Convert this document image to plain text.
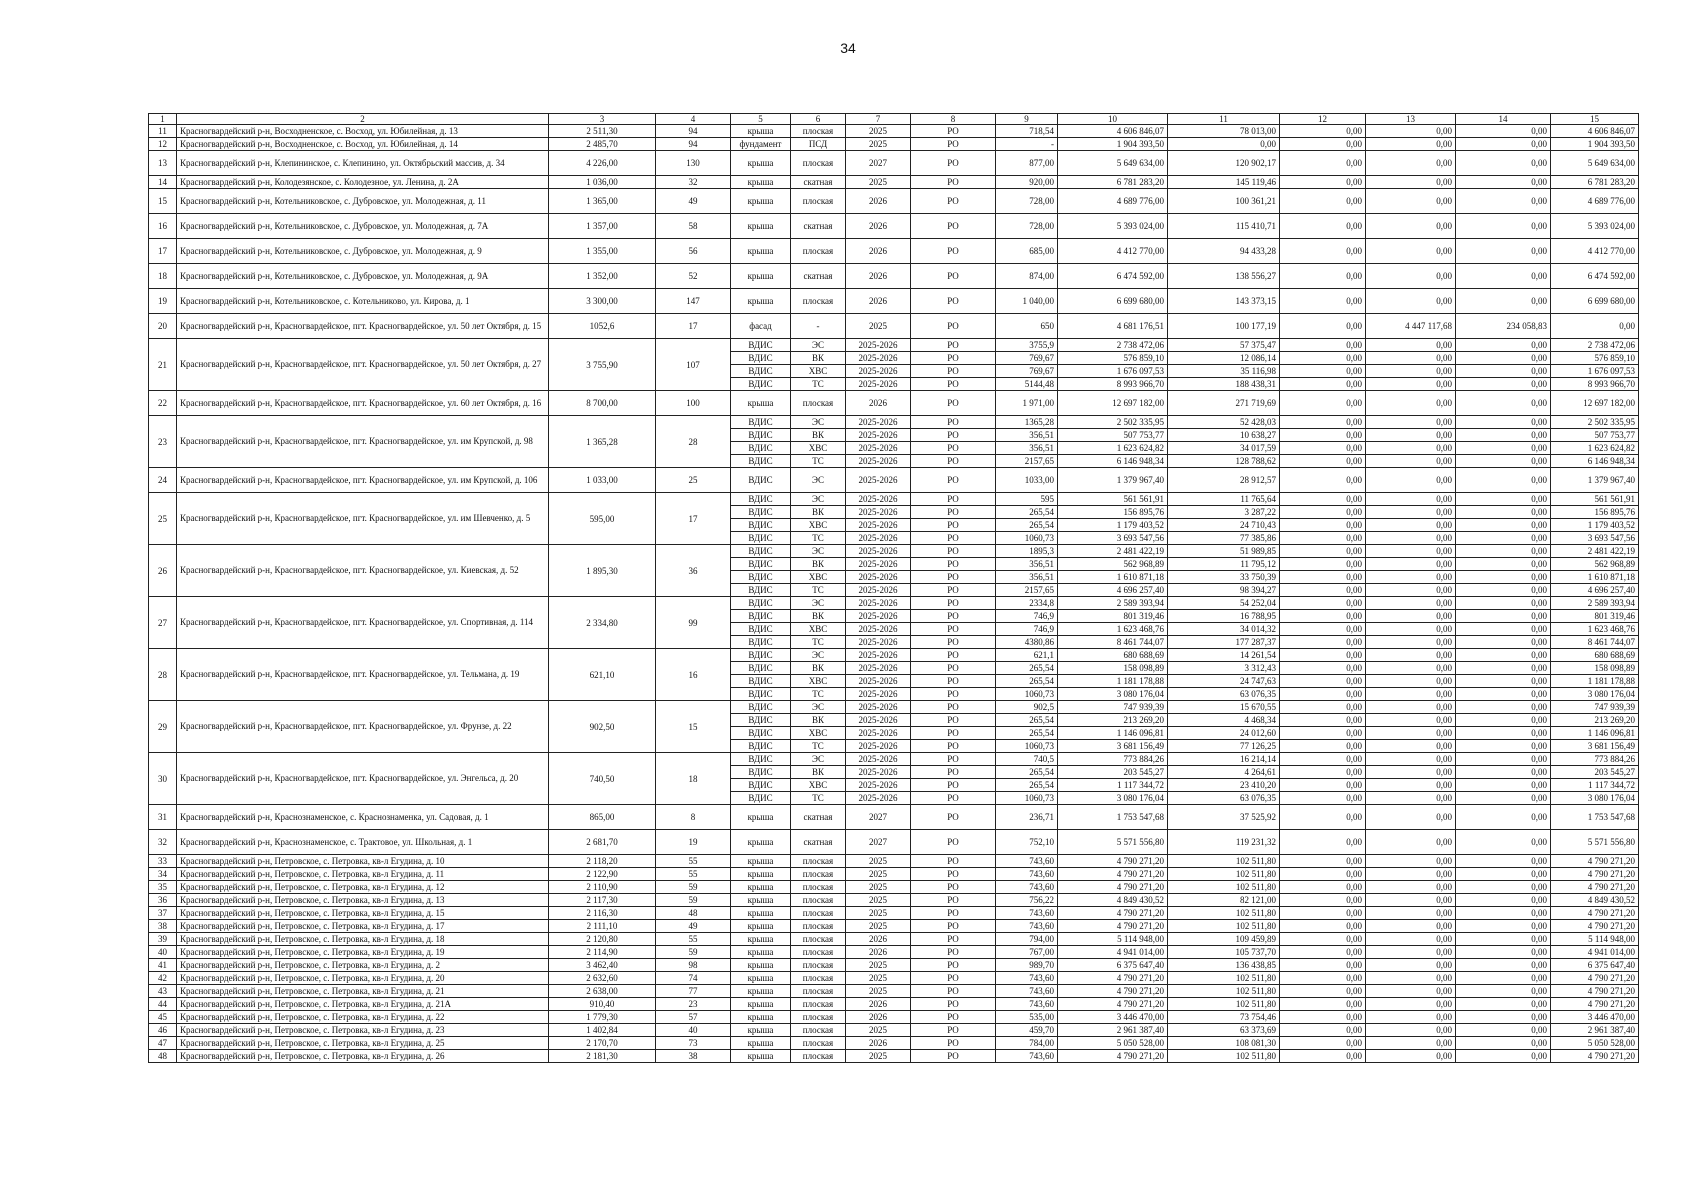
34
1	2	3	4	5	6	7	8	9	10	11	12	13	14	15
11	Красногвардейский р-н, Восходненское, с. Восход, ул. Юбилейная, д. 13	2 511,30	94	крыша	плоская	2025	РО	718,54	4 606 846,07	78 013,00	0,00	0,00	0,00	4 606 846,07
12	Красногвардейский р-н, Восходненское, с. Восход, ул. Юбилейная, д. 14	2 485,70	94	фундамент	ПСД	2025	РО	-	1 904 393,50	0,00	0,00	0,00	0,00	1 904 393,50
13	Красногвардейский р-н, Клепининское, с. Клепинино, ул. Октябрьский массив, д. 34	4 226,00	130	крыша	плоская	2027	РО	877,00	5 649 634,00	120 902,17	0,00	0,00	0,00	5 649 634,00
14	Красногвардейский р-н, Колодезянское, с. Колодезное, ул. Ленина, д. 2А	1 036,00	32	крыша	скатная	2025	РО	920,00	6 781 283,20	145 119,46	0,00	0,00	0,00	6 781 283,20
15	Красногвардейский р-н, Котельниковское, с. Дубровское, ул. Молодежная, д. 11	1 365,00	49	крыша	плоская	2026	РО	728,00	4 689 776,00	100 361,21	0,00	0,00	0,00	4 689 776,00
16	Красногвардейский р-н, Котельниковское, с. Дубровское, ул. Молодежная, д. 7А	1 357,00	58	крыша	скатная	2026	РО	728,00	5 393 024,00	115 410,71	0,00	0,00	0,00	5 393 024,00
17	Красногвардейский р-н, Котельниковское, с. Дубровское, ул. Молодежная, д. 9	1 355,00	56	крыша	плоская	2026	РО	685,00	4 412 770,00	94 433,28	0,00	0,00	0,00	4 412 770,00
18	Красногвардейский р-н, Котельниковское, с. Дубровское, ул. Молодежная, д. 9А	1 352,00	52	крыша	скатная	2026	РО	874,00	6 474 592,00	138 556,27	0,00	0,00	0,00	6 474 592,00
19	Красногвардейский р-н, Котельниковское, с. Котельниково, ул. Кирова, д. 1	3 300,00	147	крыша	плоская	2026	РО	1 040,00	6 699 680,00	143 373,15	0,00	0,00	0,00	6 699 680,00
20	Красногвардейский р-н, Красногвардейское, пгт. Красногвардейское, ул. 50 лет Октября, д. 15	1052,6	17	фасад	-	2025	РО	650	4 681 176,51	100 177,19	0,00	4 447 117,68	234 058,83	0,00
21	Красногвардейский р-н, Красногвардейское, пгт. Красногвардейское, ул. 50 лет Октября, д. 27	3 755,90	107	ВДИС	ЭС	2025-2026	РО	3755,9	2 738 472,06	57 375,47	0,00	0,00	0,00	2 738 472,06
				ВДИС	ВК	2025-2026	РО	769,67	576 859,10	12 086,14	0,00	0,00	0,00	576 859,10
				ВДИС	ХВС	2025-2026	РО	769,67	1 676 097,53	35 116,98	0,00	0,00	0,00	1 676 097,53
				ВДИС	ТС	2025-2026	РО	5144,48	8 993 966,70	188 438,31	0,00	0,00	0,00	8 993 966,70
22	Красногвардейский р-н, Красногвардейское, пгт. Красногвардейское, ул. 60 лет Октября, д. 16	8 700,00	100	крыша	плоская	2026	РО	1 971,00	12 697 182,00	271 719,69	0,00	0,00	0,00	12 697 182,00
23	Красногвардейский р-н, Красногвардейское, пгт. Красногвардейское, ул. им Крупской, д. 98	1 365,28	28	ВДИС	ЭС	2025-2026	РО	1365,28	2 502 335,95	52 428,03	0,00	0,00	0,00	2 502 335,95
				ВДИС	ВК	2025-2026	РО	356,51	507 753,77	10 638,27	0,00	0,00	0,00	507 753,77
				ВДИС	ХВС	2025-2026	РО	356,51	1 623 624,82	34 017,59	0,00	0,00	0,00	1 623 624,82
				ВДИС	ТС	2025-2026	РО	2157,65	6 146 948,34	128 788,62	0,00	0,00	0,00	6 146 948,34
24	Красногвардейский р-н, Красногвардейское, пгт. Красногвардейское, ул. им Крупской, д. 106	1 033,00	25	ВДИС	ЭС	2025-2026	РО	1033,00	1 379 967,40	28 912,57	0,00	0,00	0,00	1 379 967,40
25	Красногвардейский р-н, Красногвардейское, пгт. Красногвардейское, ул. им Шевченко, д. 5	595,00	17	ВДИС	ЭС	2025-2026	РО	595	561 561,91	11 765,64	0,00	0,00	0,00	561 561,91
				ВДИС	ВК	2025-2026	РО	265,54	156 895,76	3 287,22	0,00	0,00	0,00	156 895,76
				ВДИС	ХВС	2025-2026	РО	265,54	1 179 403,52	24 710,43	0,00	0,00	0,00	1 179 403,52
				ВДИС	ТС	2025-2026	РО	1060,73	3 693 547,56	77 385,86	0,00	0,00	0,00	3 693 547,56
26	Красногвардейский р-н, Красногвардейское, пгт. Красногвардейское, ул. Киевская, д. 52	1 895,30	36	ВДИС	ЭС	2025-2026	РО	1895,3	2 481 422,19	51 989,85	0,00	0,00	0,00	2 481 422,19
				ВДИС	ВК	2025-2026	РО	356,51	562 968,89	11 795,12	0,00	0,00	0,00	562 968,89
				ВДИС	ХВС	2025-2026	РО	356,51	1 610 871,18	33 750,39	0,00	0,00	0,00	1 610 871,18
				ВДИС	ТС	2025-2026	РО	2157,65	4 696 257,40	98 394,27	0,00	0,00	0,00	4 696 257,40
27	Красногвардейский р-н, Красногвардейское, пгт. Красногвардейское, ул. Спортивная, д. 114	2 334,80	99	ВДИС	ЭС	2025-2026	РО	2334,8	2 589 393,94	54 252,04	0,00	0,00	0,00	2 589 393,94
				ВДИС	ВК	2025-2026	РО	746,9	801 319,46	16 788,95	0,00	0,00	0,00	801 319,46
				ВДИС	ХВС	2025-2026	РО	746,9	1 623 468,76	34 014,32	0,00	0,00	0,00	1 623 468,76
				ВДИС	ТС	2025-2026	РО	4380,86	8 461 744,07	177 287,37	0,00	0,00	0,00	8 461 744,07
28	Красногвардейский р-н, Красногвардейское, пгт. Красногвардейское, ул. Тельмана, д. 19	621,10	16	ВДИС	ЭС	2025-2026	РО	621,1	680 688,69	14 261,54	0,00	0,00	0,00	680 688,69
				ВДИС	ВК	2025-2026	РО	265,54	158 098,89	3 312,43	0,00	0,00	0,00	158 098,89
				ВДИС	ХВС	2025-2026	РО	265,54	1 181 178,88	24 747,63	0,00	0,00	0,00	1 181 178,88
				ВДИС	ТС	2025-2026	РО	1060,73	3 080 176,04	63 076,35	0,00	0,00	0,00	3 080 176,04
29	Красногвардейский р-н, Красногвардейское, пгт. Красногвардейское, ул. Фрунзе, д. 22	902,50	15	ВДИС	ЭС	2025-2026	РО	902,5	747 939,39	15 670,55	0,00	0,00	0,00	747 939,39
				ВДИС	ВК	2025-2026	РО	265,54	213 269,20	4 468,34	0,00	0,00	0,00	213 269,20
				ВДИС	ХВС	2025-2026	РО	265,54	1 146 096,81	24 012,60	0,00	0,00	0,00	1 146 096,81
				ВДИС	ТС	2025-2026	РО	1060,73	3 681 156,49	77 126,25	0,00	0,00	0,00	3 681 156,49
30	Красногвардейский р-н, Красногвардейское, пгт. Красногвардейское, ул. Энгельса, д. 20	740,50	18	ВДИС	ЭС	2025-2026	РО	740,5	773 884,26	16 214,14	0,00	0,00	0,00	773 884,26
				ВДИС	ВК	2025-2026	РО	265,54	203 545,27	4 264,61	0,00	0,00	0,00	203 545,27
				ВДИС	ХВС	2025-2026	РО	265,54	1 117 344,72	23 410,20	0,00	0,00	0,00	1 117 344,72
				ВДИС	ТС	2025-2026	РО	1060,73	3 080 176,04	63 076,35	0,00	0,00	0,00	3 080 176,04
31	Красногвардейский р-н, Краснознаменское, с. Краснознаменка, ул. Садовая, д. 1	865,00	8	крыша	скатная	2027	РО	236,71	1 753 547,68	37 525,92	0,00	0,00	0,00	1 753 547,68
32	Красногвардейский р-н, Краснознаменское, с. Трактовое, ул. Школьная, д. 1	2 681,70	19	крыша	скатная	2027	РО	752,10	5 571 556,80	119 231,32	0,00	0,00	0,00	5 571 556,80
33	Красногвардейский р-н, Петровское, с. Петровка, кв-л Егудина, д. 10	2 118,20	55	крыша	плоская	2025	РО	743,60	4 790 271,20	102 511,80	0,00	0,00	0,00	4 790 271,20
34	Красногвардейский р-н, Петровское, с. Петровка, кв-л Егудина, д. 11	2 122,90	55	крыша	плоская	2025	РО	743,60	4 790 271,20	102 511,80	0,00	0,00	0,00	4 790 271,20
35	Красногвардейский р-н, Петровское, с. Петровка, кв-л Егудина, д. 12	2 110,90	59	крыша	плоская	2025	РО	743,60	4 790 271,20	102 511,80	0,00	0,00	0,00	4 790 271,20
36	Красногвардейский р-н, Петровское, с. Петровка, кв-л Егудина, д. 13	2 117,30	59	крыша	плоская	2025	РО	756,22	4 849 430,52	82 121,00	0,00	0,00	0,00	4 849 430,52
37	Красногвардейский р-н, Петровское, с. Петровка, кв-л Егудина, д. 15	2 116,30	48	крыша	плоская	2025	РО	743,60	4 790 271,20	102 511,80	0,00	0,00	0,00	4 790 271,20
38	Красногвардейский р-н, Петровское, с. Петровка, кв-л Егудина, д. 17	2 111,10	49	крыша	плоская	2025	РО	743,60	4 790 271,20	102 511,80	0,00	0,00	0,00	4 790 271,20
39	Красногвардейский р-н, Петровское, с. Петровка, кв-л Егудина, д. 18	2 120,80	55	крыша	плоская	2026	РО	794,00	5 114 948,00	109 459,89	0,00	0,00	0,00	5 114 948,00
40	Красногвардейский р-н, Петровское, с. Петровка, кв-л Егудина, д. 19	2 114,90	59	крыша	плоская	2026	РО	767,00	4 941 014,00	105 737,70	0,00	0,00	0,00	4 941 014,00
41	Красногвардейский р-н, Петровское, с. Петровка, кв-л Егудина, д. 2	3 462,40	98	крыша	плоская	2025	РО	989,70	6 375 647,40	136 438,85	0,00	0,00	0,00	6 375 647,40
42	Красногвардейский р-н, Петровское, с. Петровка, кв-л Егудина, д. 20	2 632,60	74	крыша	плоская	2025	РО	743,60	4 790 271,20	102 511,80	0,00	0,00	0,00	4 790 271,20
43	Красногвардейский р-н, Петровское, с. Петровка, кв-л Егудина, д. 21	2 638,00	77	крыша	плоская	2025	РО	743,60	4 790 271,20	102 511,80	0,00	0,00	0,00	4 790 271,20
44	Красногвардейский р-н, Петровское, с. Петровка, кв-л Егудина, д. 21А	910,40	23	крыша	плоская	2026	РО	743,60	4 790 271,20	102 511,80	0,00	0,00	0,00	4 790 271,20
45	Красногвардейский р-н, Петровское, с. Петровка, кв-л Егудина, д. 22	1 779,30	57	крыша	плоская	2026	РО	535,00	3 446 470,00	73 754,46	0,00	0,00	0,00	3 446 470,00
46	Красногвардейский р-н, Петровское, с. Петровка, кв-л Егудина, д. 23	1 402,84	40	крыша	плоская	2025	РО	459,70	2 961 387,40	63 373,69	0,00	0,00	0,00	2 961 387,40
47	Красногвардейский р-н, Петровское, с. Петровка, кв-л Егудина, д. 25	2 170,70	73	крыша	плоская	2026	РО	784,00	5 050 528,00	108 081,30	0,00	0,00	0,00	5 050 528,00
48	Красногвардейский р-н, Петровское, с. Петровка, кв-л Егудина, д. 26	2 181,30	38	крыша	плоская	2025	РО	743,60	4 790 271,20	102 511,80	0,00	0,00	0,00	4 790 271,20
